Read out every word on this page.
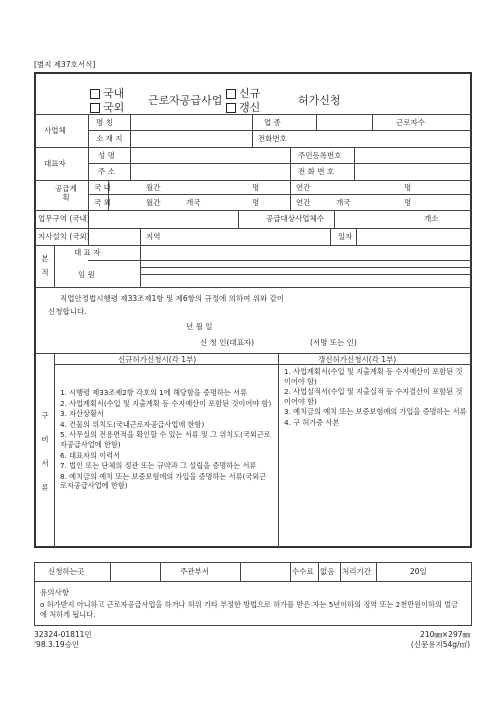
[별지 제37호서식]
국내
국외
근로자공급사업
신규
갱신
허가신청
사업체
명 칭	업 종	근로자수
소 재 지	전화번호
대표자
성 명	주민등록번호
주 소	전 화 번 호
공급계획
국 내	월간	명	연간	명
국 외	월간	개국	명	연간	개국	명
업무구역 (국내)	공급대상사업체수	개소
지사설치 (국외)	지역	일자
본적
대 표 자
임 원
직업안정법시행령 제33조제1항 및 제6항의 규정에 의하여 위와 같이
신청합니다.
년 월 일
신 청 인(대표자)	(서명 또는 인)
구비서류
신규허가신청시(각 1부)	갱신허가신청시(각 1부)
1. 시행령 제33조제2항 각호의 1에 해당함을 증명하는 서류
2. 사업계획서(수입 및 지출계획 등 수지예산이 포함된 것이어야 함)
3. 자산상황서
4. 건물의 위치도(국내근로자공급사업에 한함)
5. 사무실의 전용면적을 확인할 수 있는 서류 및 그 위치도(국외근로자공급사업에 한함)
6. 대표자의 이력서
7. 법인 또는 단체의 정관 또는 규약과 그 설립을 증명하는 서류
8. 예치금의 예치 또는 보증보험에의 가입을 증명하는 서류(국외근로자공급사업에 한함)
1. 사업계획서(수입 및 지출계획 등 수지예산이 포함된 것이어야 함)
2. 사업실적서(수입 및 지출실적 등 수지결산이 포함된 것이어야 함)
3. 예치금의 예치 또는 보증보험에의 가입을 증명하는 서류
4. 구 허가증 사본
신청하는곳	주관부서	수수료 없음 처리기간	20일
유의사항
o 허가받지 아니하고 근로자공급사업을 하거나 허위 기타 부정한 방법으로 허가를 받은 자는 5년이하의 징역 또는 2천만원이하의 벌금에 처하게 됩니다.
32324-01811민
'98.3.19승인
210㎜×297㎜
(신문용지54g/㎡)
